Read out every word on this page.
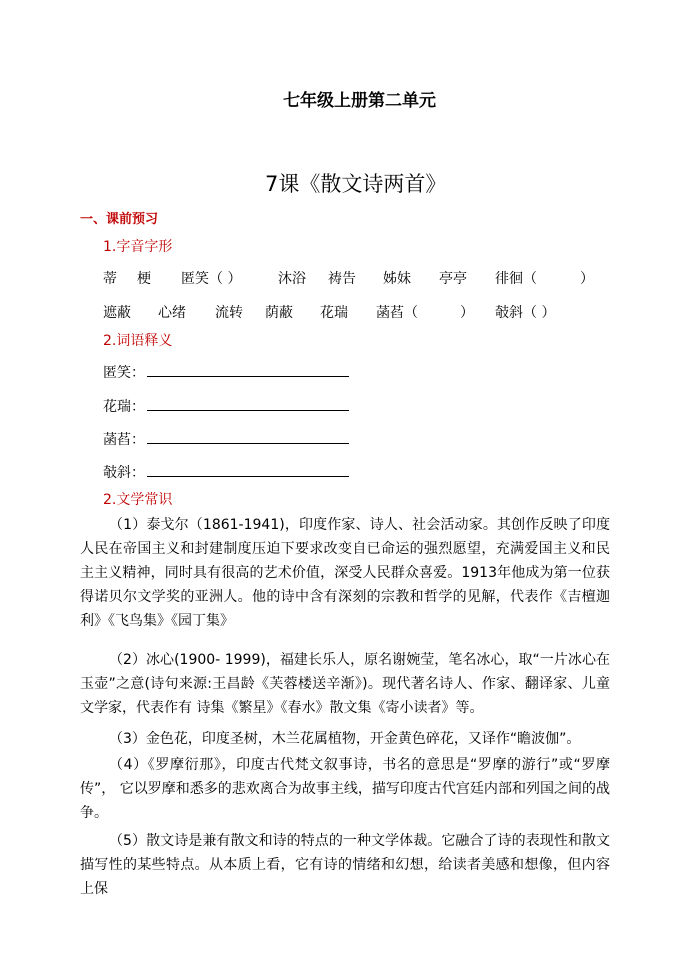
七年级上册第二单元
7课《散文诗两首》
一、课前预习
1.字音字形
蒂 梗 匿笑（ ）	沐浴 祷告 姊妹 亭亭 徘徊（	）
遮蔽 心绪 流转 荫蔽 花瑞 菡萏（	） 攲斜（ ）
2.词语释义
匿笑：
花瑞：
菡萏：
攲斜：
2.文学常识
（1）泰戈尔（1861-1941)，印度作家、诗人、社会活动家。其创作反映了印度人民在帝国主义和封建制度压迫下要求改变自已命运的强烈愿望，充满爱国主义和民主主义精神，同时具有很高的艺术价值，深受人民群众喜爱。1913年他成为第一位获得诺贝尔文学奖的亚洲人。他的诗中含有深刻的宗教和哲学的见解，代表作《吉檀迦利》《飞鸟集》《园丁集》
（2）冰心(1900- 1999)，福建长乐人，原名谢婉莹，笔名冰心，取“一片冰心在玉壶”之意(诗句来源:王昌龄《芙蓉楼送辛渐》)。现代著名诗人、作家、翻译家、儿童文学家，代表作有 诗集《繁星》《春水》散文集《寄小读者》等。
（3）金色花，印度圣树，木兰花属植物，开金黄色碎花，又译作“瞻波伽”。
（4）《罗摩衍那》，印度古代梵文叙事诗，书名的意思是“罗摩的游行”或“罗摩传”， 它以罗摩和悉多的悲欢离合为故事主线，描写印度古代宫廷内部和列国之间的战争。
（5）散文诗是兼有散文和诗的特点的一种文学体裁。它融合了诗的表现性和散文描写性的某些特点。从本质上看，它有诗的情绪和幻想，给读者美感和想像，但内容上保
